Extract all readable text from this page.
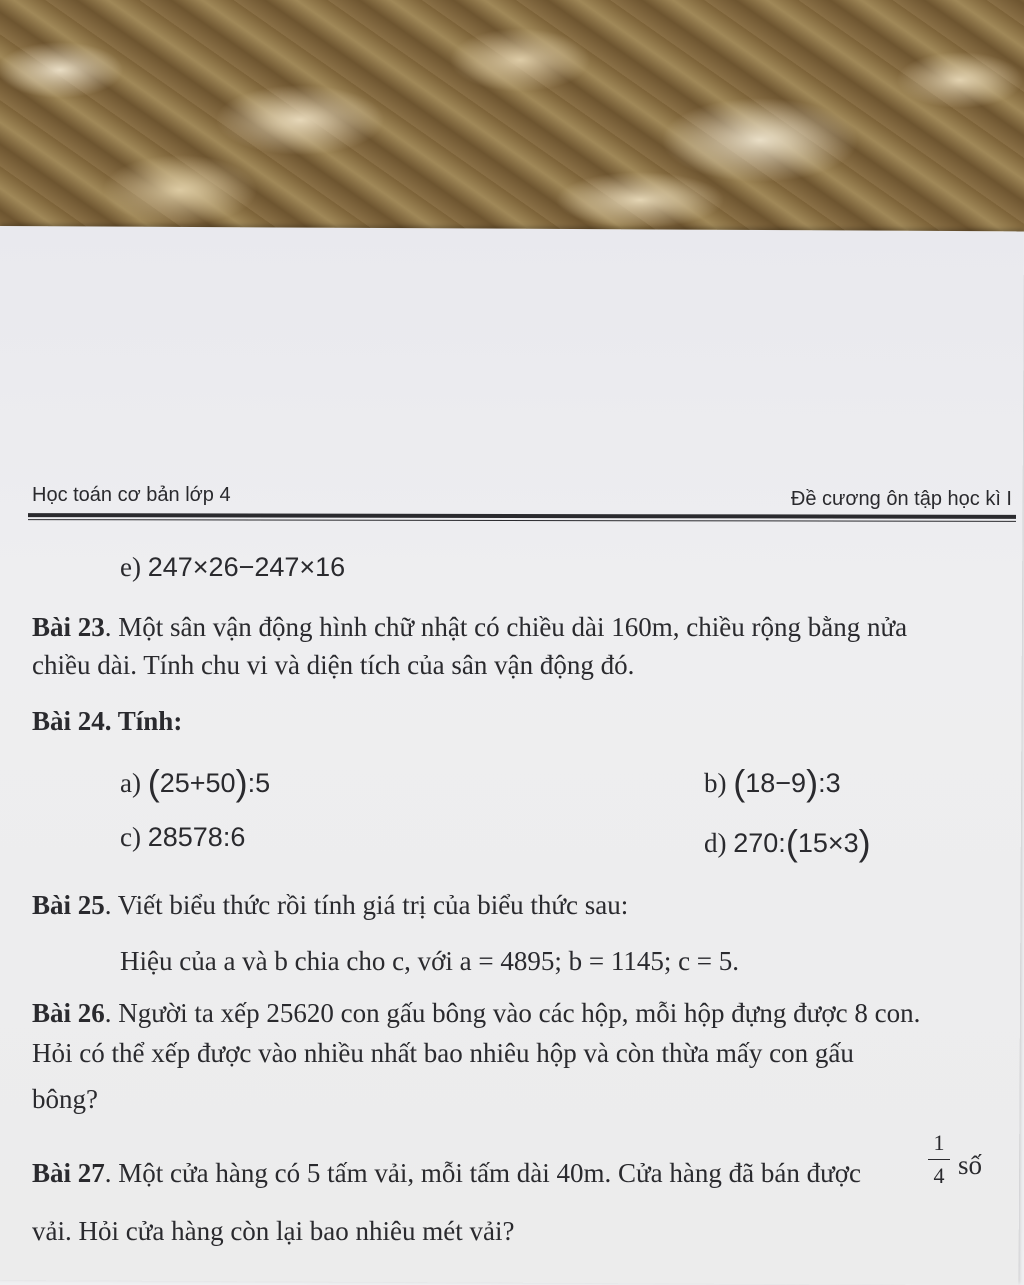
Học toán cơ bản lớp 4	Đề cương ôn tập học kì I
e) 247×26−247×16
Bài 23. Một sân vận động hình chữ nhật có chiều dài 160m, chiều rộng bằng nửa
chiều dài. Tính chu vi và diện tích của sân vận động đó.
Bài 24. Tính:
a) (25+50):5	b) (18−9):3
c) 28578:6	d) 270:(15×3)
Bài 25. Viết biểu thức rồi tính giá trị của biểu thức sau:
Hiệu của a và b chia cho c, với a = 4895; b = 1145; c = 5.
Bài 26. Người ta xếp 25620 con gấu bông vào các hộp, mỗi hộp đựng được 8 con.
Hỏi có thể xếp được vào nhiều nhất bao nhiêu hộp và còn thừa mấy con gấu
bông?
Bài 27. Một cửa hàng có 5 tấm vải, mỗi tấm dài 40m. Cửa hàng đã bán được
1
4 số
vải. Hỏi cửa hàng còn lại bao nhiêu mét vải?
